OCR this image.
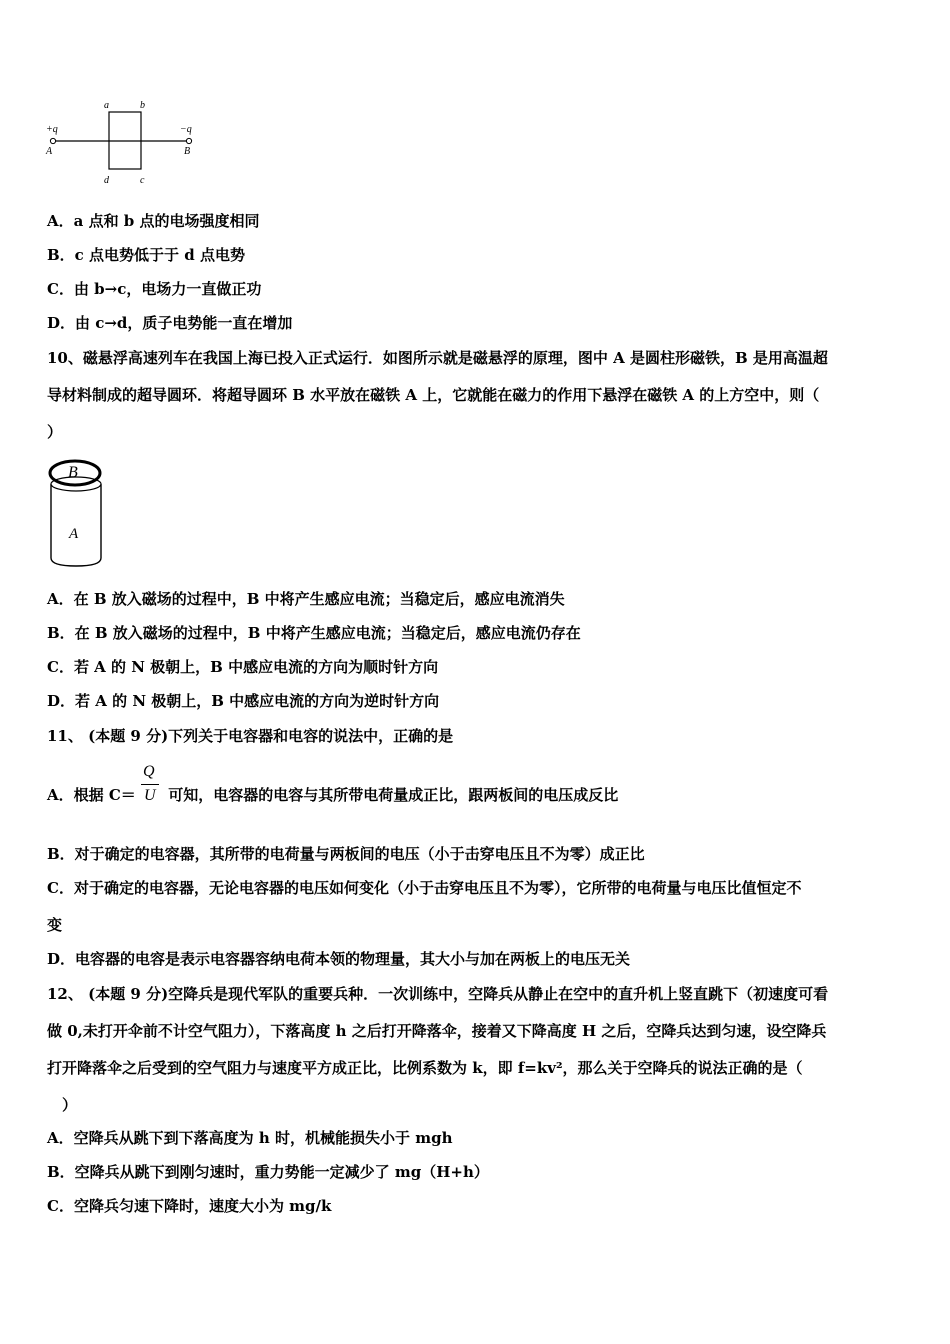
a	b
d	c
+q	−q
A	B
A．a 点和 b 点的电场强度相同
B．c 点电势低于于 d 点电势
C．由 b→c，电场力一直做正功
D．由 c→d，质子电势能一直在增加
10、磁悬浮高速列车在我国上海已投入正式运行．如图所示就是磁悬浮的原理，图中 A 是圆柱形磁铁，B 是用高温超
导材料制成的超导圆环．将超导圆环 B 水平放在磁铁 A 上，它就能在磁力的作用下悬浮在磁铁 A 的上方空中，则（
）
B
A
A．在 B 放入磁场的过程中，B 中将产生感应电流；当稳定后，感应电流消失
B．在 B 放入磁场的过程中，B 中将产生感应电流；当稳定后，感应电流仍存在
C．若 A 的 N 极朝上，B 中感应电流的方向为顺时针方向
D．若 A 的 N 极朝上，B 中感应电流的方向为逆时针方向
11、 (本题 9 分)下列关于电容器和电容的说法中，正确的是
A．根据 $C= \frac{Q}{U}$ 可知，电容器的电容与其所带电荷量成正比，跟两板间的电压成反比
B．对于确定的电容器，其所带的电荷量与两板间的电压（小于击穿电压且不为零）成正比
C．对于确定的电容器，无论电容器的电压如何变化（小于击穿电压且不为零），它所带的电荷量与电压比值恒定不
变
D．电容器的电容是表示电容器容纳电荷本领的物理量，其大小与加在两板上的电压无关
12、 (本题 9 分)空降兵是现代军队的重要兵种．一次训练中，空降兵从静止在空中的直升机上竖直跳下（初速度可看
做 0,未打开伞前不计空气阻力），下落高度 h 之后打开降落伞，接着又下降高度 H 之后，空降兵达到匀速，设空降兵
打开降落伞之后受到的空气阻力与速度平方成正比，比例系数为 k，即 f=kv²，那么关于空降兵的说法正确的是（
）
A．空降兵从跳下到下落高度为 h 时，机械能损失小于 mgh
B．空降兵从跳下到刚匀速时，重力势能一定减少了 mg（H+h）
C．空降兵匀速下降时，速度大小为 mg/k
